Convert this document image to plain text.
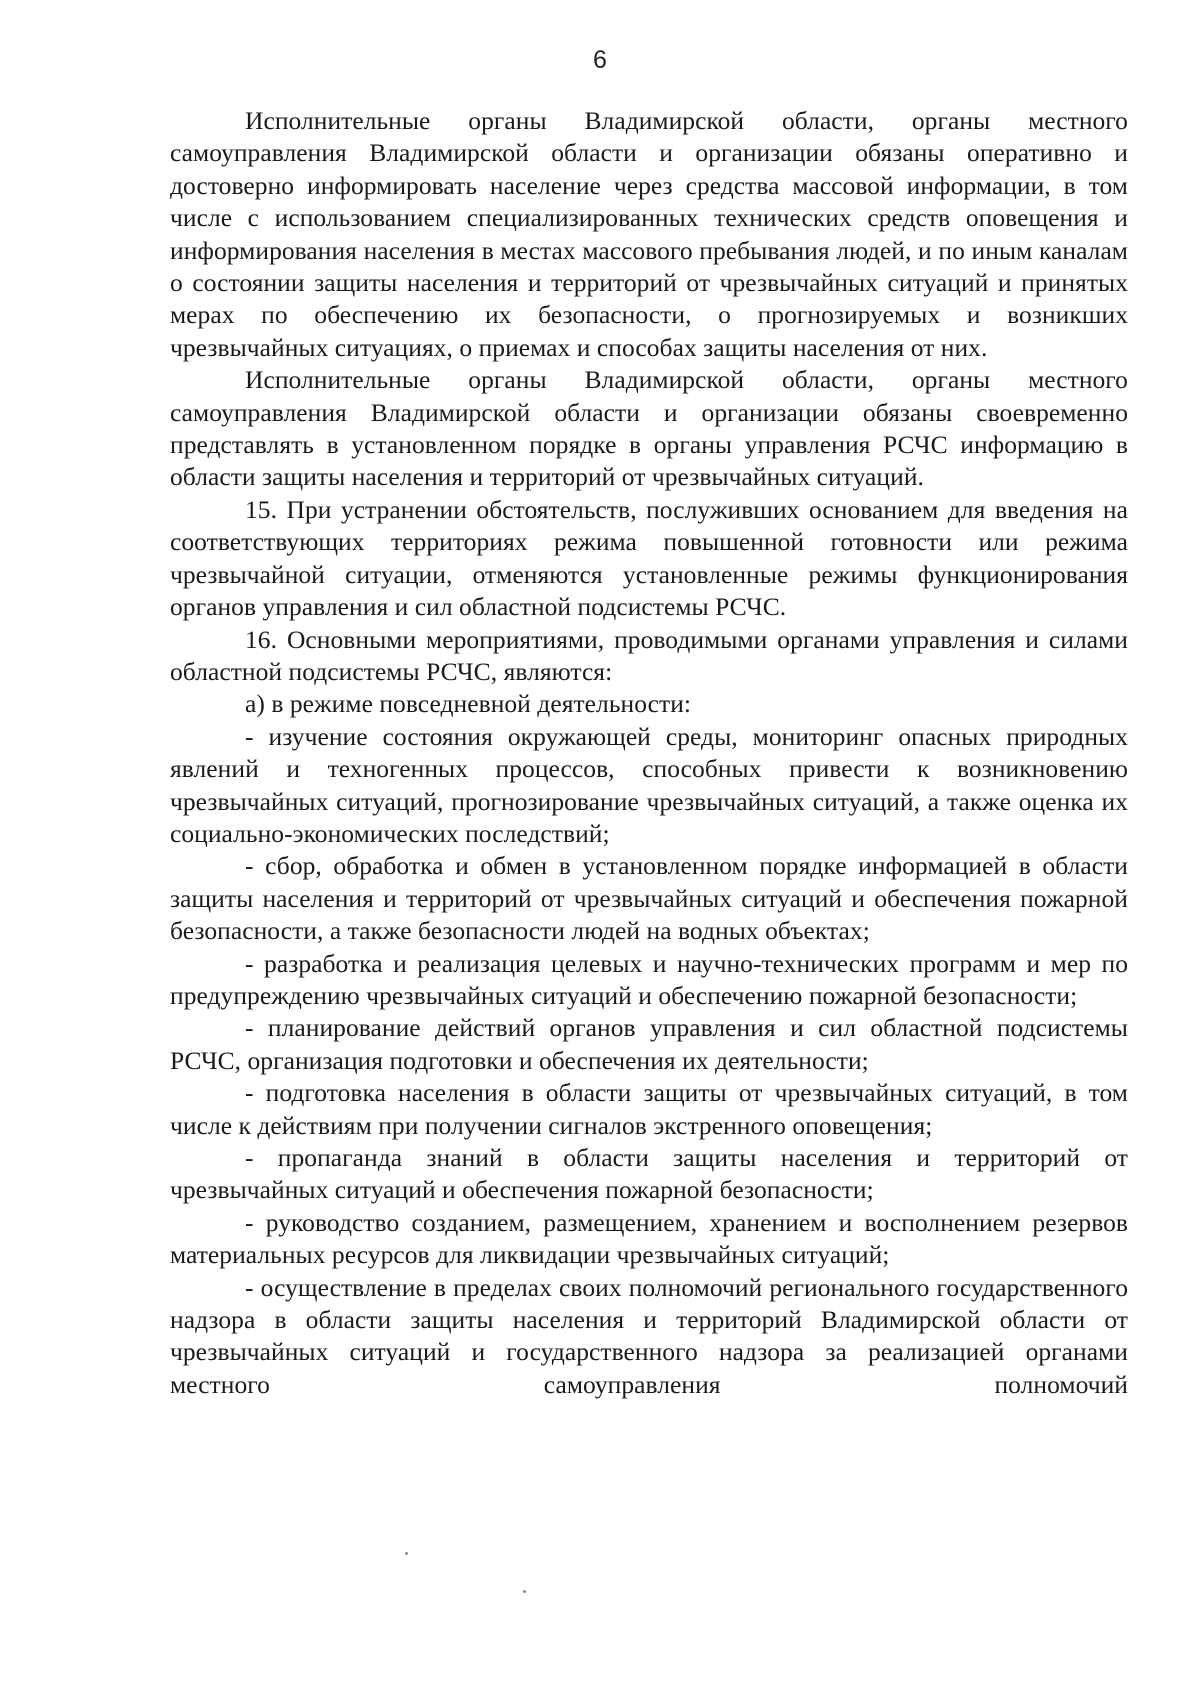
6

Исполнительные органы Владимирской области, органы местного самоуправления Владимирской области и организации обязаны оперативно и достоверно информировать население через средства массовой информации, в том числе с использованием специализированных технических средств оповещения и информирования населения в местах массового пребывания людей, и по иным каналам о состоянии защиты населения и территорий от чрезвычайных ситуаций и принятых мерах по обеспечению их безопасности, о прогнозируемых и возникших чрезвычайных ситуациях, о приемах и способах защиты населения от них.

Исполнительные органы Владимирской области, органы местного самоуправления Владимирской области и организации обязаны своевременно представлять в установленном порядке в органы управления РСЧС информацию в области защиты населения и территорий от чрезвычайных ситуаций.

15. При устранении обстоятельств, послуживших основанием для введения на соответствующих территориях режима повышенной готовности или режима чрезвычайной ситуации, отменяются установленные режимы функционирования органов управления и сил областной подсистемы РСЧС.

16. Основными мероприятиями, проводимыми органами управления и силами областной подсистемы РСЧС, являются:

а) в режиме повседневной деятельности:

- изучение состояния окружающей среды, мониторинг опасных природных явлений и техногенных процессов, способных привести к возникновению чрезвычайных ситуаций, прогнозирование чрезвычайных ситуаций, а также оценка их социально-экономических последствий;

- сбор, обработка и обмен в установленном порядке информацией в области защиты населения и территорий от чрезвычайных ситуаций и обеспечения пожарной безопасности, а также безопасности людей на водных объектах;

- разработка и реализация целевых и научно-технических программ и мер по предупреждению чрезвычайных ситуаций и обеспечению пожарной безопасности;

- планирование действий органов управления и сил областной подсистемы РСЧС, организация подготовки и обеспечения их деятельности;

- подготовка населения в области защиты от чрезвычайных ситуаций, в том числе к действиям при получении сигналов экстренного оповещения;

- пропаганда знаний в области защиты населения и территорий от чрезвычайных ситуаций и обеспечения пожарной безопасности;

- руководство созданием, размещением, хранением и восполнением резервов материальных ресурсов для ликвидации чрезвычайных ситуаций;

- осуществление в пределах своих полномочий регионального государственного надзора в области защиты населения и территорий Владимирской области от чрезвычайных ситуаций и государственного надзора за реализацией органами местного самоуправления полномочий
